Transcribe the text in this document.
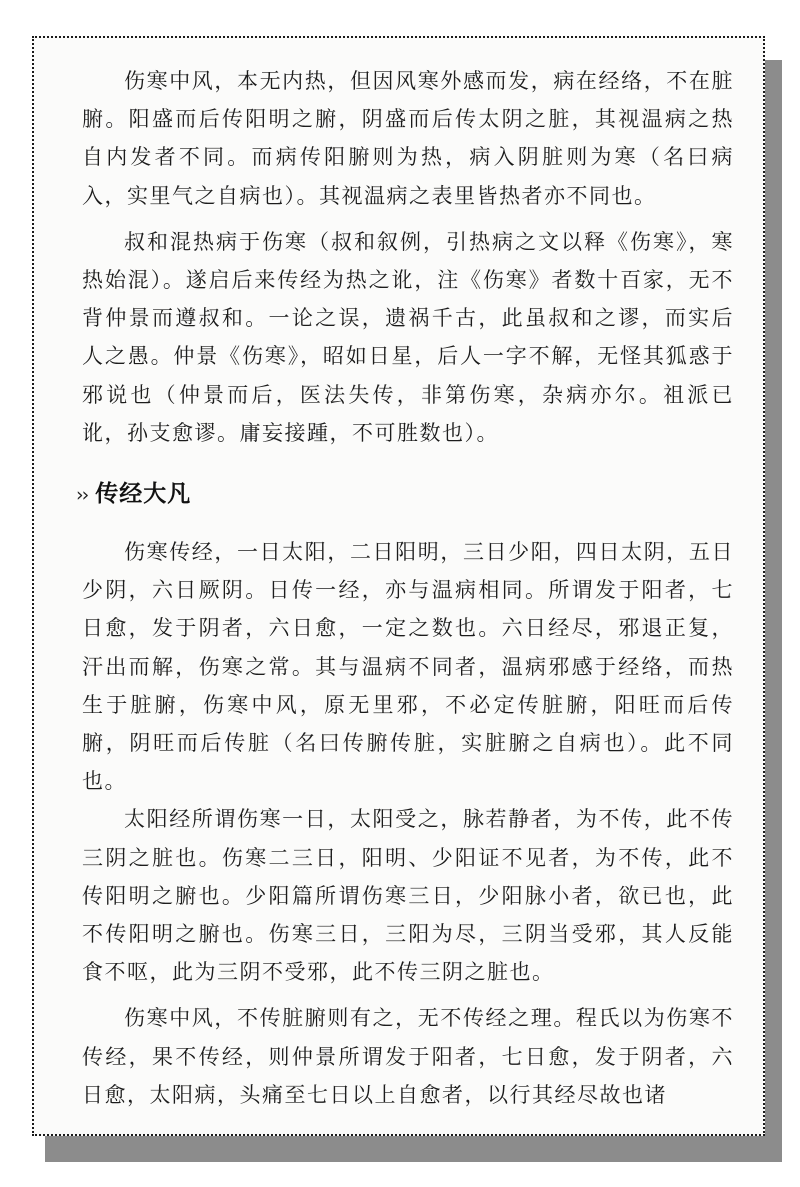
伤寒中风，本无内热，但因风寒外感而发，病在经络，不在脏腑。阳盛而后传阳明之腑，阴盛而后传太阴之脏，其视温病之热自内发者不同。而病传阳腑则为热，病入阴脏则为寒（名曰病入，实里气之自病也）。其视温病之表里皆热者亦不同也。

叔和混热病于伤寒（叔和叙例，引热病之文以释《伤寒》，寒热始混）。遂启后来传经为热之讹，注《伤寒》者数十百家，无不背仲景而遵叔和。一论之误，遗祸千古，此虽叔和之谬，而实后人之愚。仲景《伤寒》，昭如日星，后人一字不解，无怪其狐惑于邪说也（仲景而后，医法失传，非第伤寒，杂病亦尔。祖派已讹，孙支愈谬。庸妄接踵，不可胜数也）。

›› 传经大凡

伤寒传经，一日太阳，二日阳明，三日少阳，四日太阴，五日少阴，六日厥阴。日传一经，亦与温病相同。所谓发于阳者，七日愈，发于阴者，六日愈，一定之数也。六日经尽，邪退正复，汗出而解，伤寒之常。其与温病不同者，温病邪感于经络，而热生于脏腑，伤寒中风，原无里邪，不必定传脏腑，阳旺而后传腑，阴旺而后传脏（名曰传腑传脏，实脏腑之自病也）。此不同也。

太阳经所谓伤寒一日，太阳受之，脉若静者，为不传，此不传三阴之脏也。伤寒二三日，阳明、少阳证不见者，为不传，此不传阳明之腑也。少阳篇所谓伤寒三日，少阳脉小者，欲已也，此不传阳明之腑也。伤寒三日，三阳为尽，三阴当受邪，其人反能食不呕，此为三阴不受邪，此不传三阴之脏也。

伤寒中风，不传脏腑则有之，无不传经之理。程氏以为伤寒不传经，果不传经，则仲景所谓发于阳者，七日愈，发于阴者，六日愈，太阳病，头痛至七日以上自愈者，以行其经尽故也诸
